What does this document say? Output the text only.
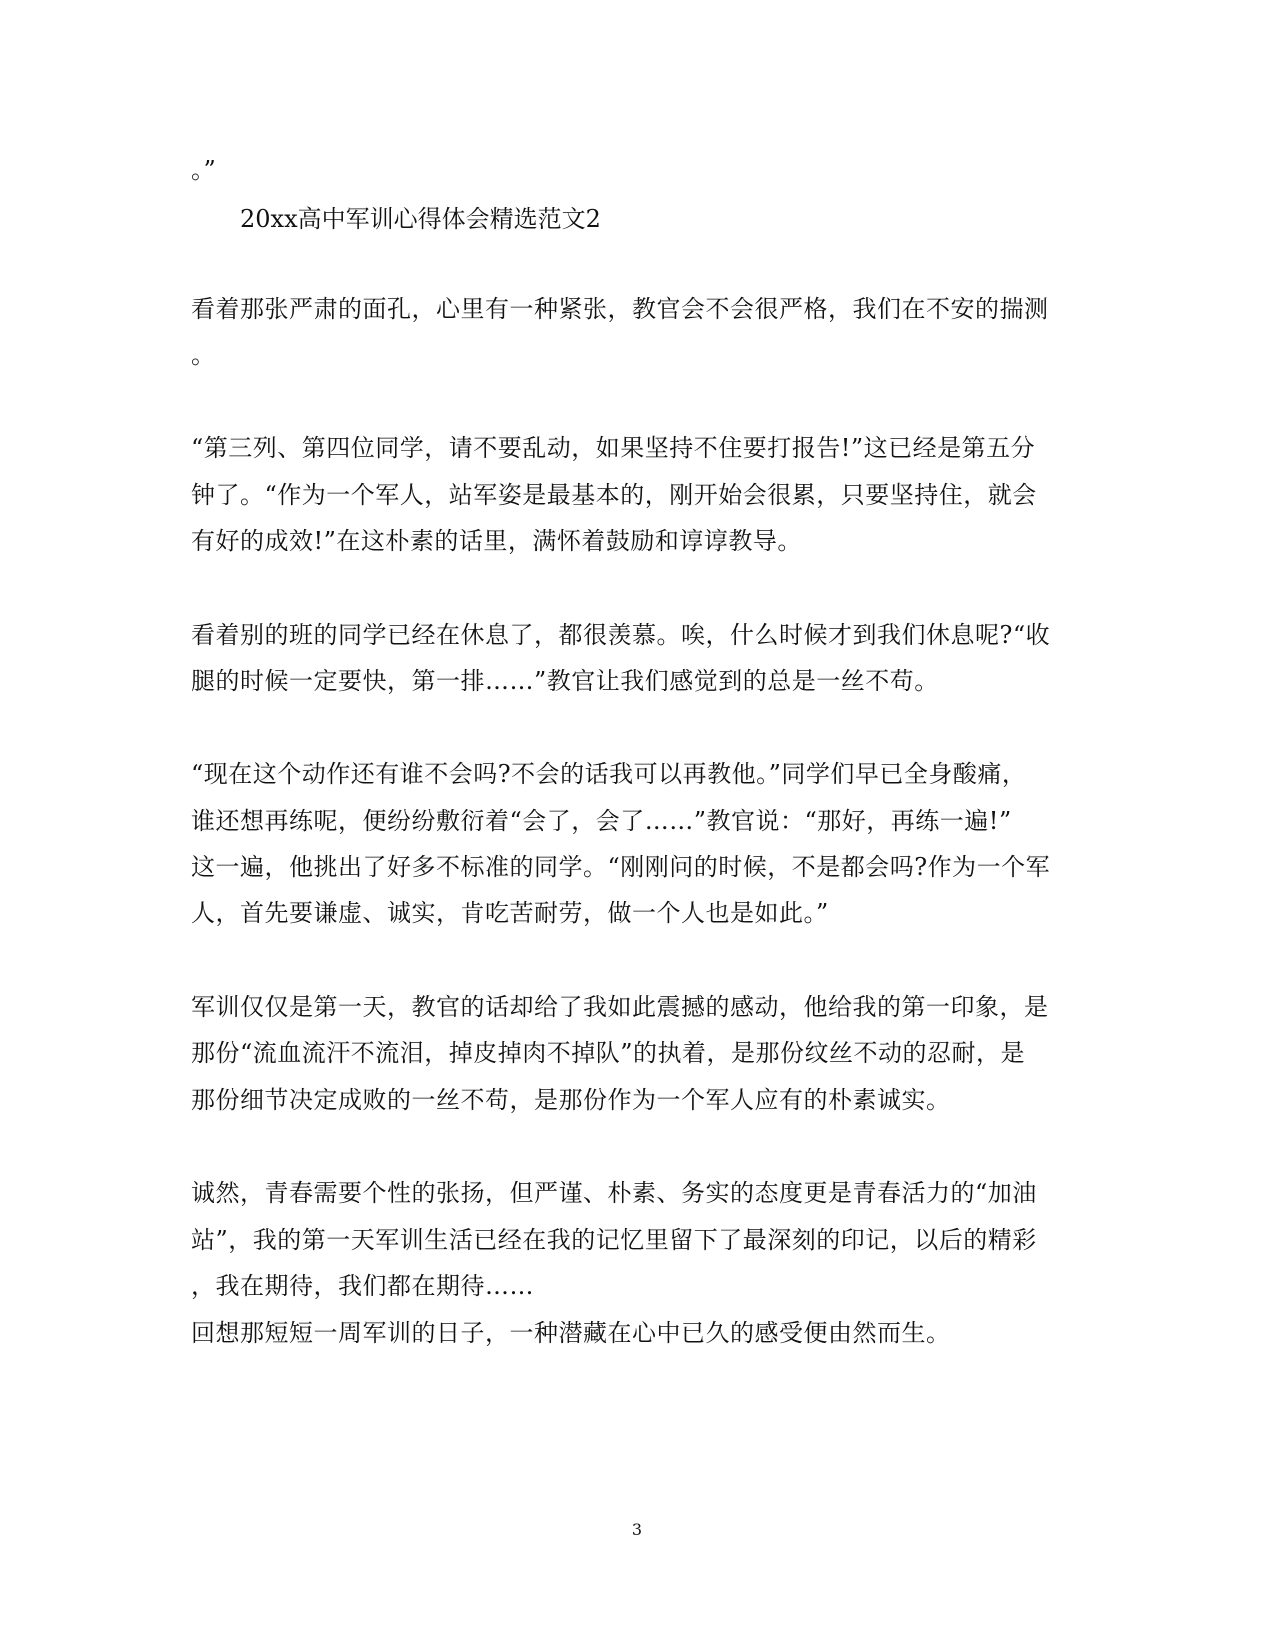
。”
20xx高中军训心得体会精选范文2
看着那张严肃的面孔，心里有一种紧张，教官会不会很严格，我们在不安的揣测
。
“第三列、第四位同学，请不要乱动，如果坚持不住要打报告!”这已经是第五分
钟了。“作为一个军人，站军姿是最基本的，刚开始会很累，只要坚持住，就会
有好的成效!”在这朴素的话里，满怀着鼓励和谆谆教导。
看着别的班的同学已经在休息了，都很羡慕。唉，什么时候才到我们休息呢?“收
腿的时候一定要快，第一排……”教官让我们感觉到的总是一丝不苟。
“现在这个动作还有谁不会吗?不会的话我可以再教他。”同学们早已全身酸痛，
谁还想再练呢，便纷纷敷衍着“会了，会了……”教官说：“那好，再练一遍!”
这一遍，他挑出了好多不标准的同学。“刚刚问的时候，不是都会吗?作为一个军
人，首先要谦虚、诚实，肯吃苦耐劳，做一个人也是如此。”
军训仅仅是第一天，教官的话却给了我如此震撼的感动，他给我的第一印象，是
那份“流血流汗不流泪，掉皮掉肉不掉队”的执着，是那份纹丝不动的忍耐，是
那份细节决定成败的一丝不苟，是那份作为一个军人应有的朴素诚实。
诚然，青春需要个性的张扬，但严谨、朴素、务实的态度更是青春活力的“加油
站”，我的第一天军训生活已经在我的记忆里留下了最深刻的印记，以后的精彩
，我在期待，我们都在期待……
回想那短短一周军训的日子，一种潜藏在心中已久的感受便由然而生。
3
